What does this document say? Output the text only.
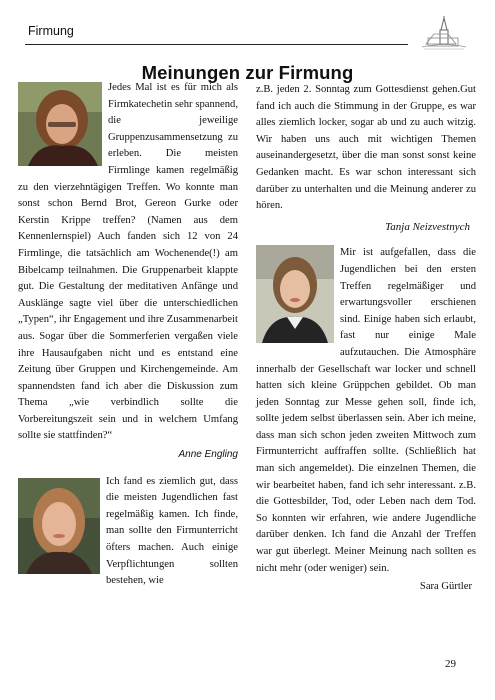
Firmung
Meinungen zur Firmung

Jedes Mal ist es für mich als Firmkatechetin sehr spannend, die jeweilige Gruppenzusammensetzung zu erleben. Die meisten Firmlinge kamen regelmäßig zu den vierzehntägigen Treffen. Wo konnte man sonst schon Bernd Brot, Gereon Gurke oder Kerstin Krippe treffen? (Namen aus dem Kennenlernspiel) Auch fanden sich 12 von 24 Firmlinge, die tatsächlich am Wochenende(!) am Bibelcamp teilnahmen. Die Gruppenarbeit klappte gut. Die Gestaltung der meditativen Anfänge und Ausklänge sagte viel über die unterschiedlichen „Typen“, ihr Engagement und ihre Zusammenarbeit aus. Sogar über die Sommerferien vergaßen viele ihre Hausaufgaben nicht und es entstand eine Zeitung über Gruppen und Kirchengemeinde. Am spannendsten fand ich aber die Diskussion zum Thema „wie verbindlich sollte die Vorbereitungszeit sein und in welchem Umfang sollte sie stattfinden?“

Anne Engling

Ich fand es ziemlich gut, dass die meisten Jugendlichen fast regelmäßig kamen. Ich finde, man sollte den Firmunterricht öfters machen. Auch einige Verpflichtungen sollten bestehen, wie

z.B. jeden 2. Sonntag zum Gottesdienst gehen.Gut fand ich auch die Stimmung in der Gruppe, es war alles ziemlich locker, sogar ab und zu auch witzig. Wir haben uns auch mit wichtigen Themen auseinandergesetzt, über die man sonst sonst keine Gedanken macht. Es war schon interessant sich darüber zu unterhalten und die Meinung anderer zu hören.

Tanja Neizvestnych

Mir ist aufgefallen, dass die Jugendlichen bei den ersten Treffen regelmäßiger und erwartungsvoller erschienen sind. Einige haben sich erlaubt, fast nur einige Male aufzutauchen. Die Atmosphäre innerhalb der Gesellschaft war locker und schnell hatten sich kleine Grüppchen gebildet. Ob man jeden Sonntag zur Messe gehen soll, finde ich, sollte jedem selbst überlassen sein. Aber ich meine, dass man sich schon jeden zweiten Mittwoch zum Firmunterricht auffraffen sollte. (Schließlich hat man sich angemeldet). Die einzelnen Themen, die wir bearbeitet haben, fand ich sehr interessant. z.B. die Gottesbilder, Tod, oder Leben nach dem Tod. So konnten wir erfahren, wie andere Jugendliche darüber denken. Ich fand die Anzahl der Treffen war gut überlegt. Meiner Meinung nach sollten es nicht mehr (oder weniger) sein.

Sara Gürtler
29
